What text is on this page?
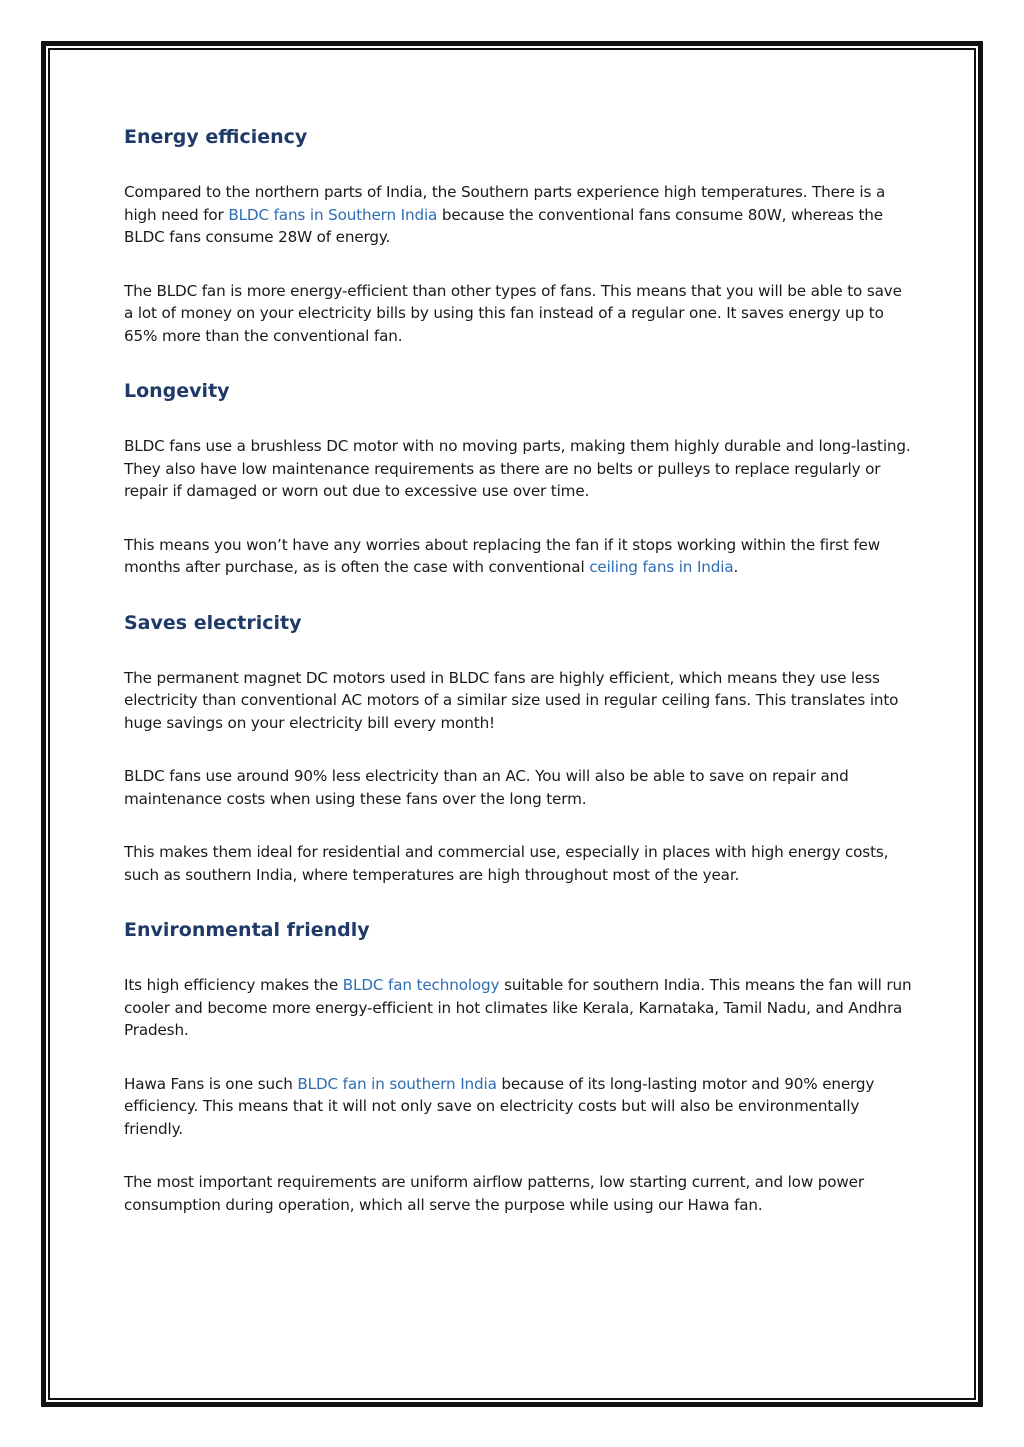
Energy efficiency

Compared to the northern parts of India, the Southern parts experience high temperatures. There is a high need for BLDC fans in Southern India because the conventional fans consume 80W, whereas the BLDC fans consume 28W of energy.

The BLDC fan is more energy-efficient than other types of fans. This means that you will be able to save a lot of money on your electricity bills by using this fan instead of a regular one. It saves energy up to 65% more than the conventional fan.

Longevity

BLDC fans use a brushless DC motor with no moving parts, making them highly durable and long-lasting. They also have low maintenance requirements as there are no belts or pulleys to replace regularly or repair if damaged or worn out due to excessive use over time.

This means you won’t have any worries about replacing the fan if it stops working within the first few months after purchase, as is often the case with conventional ceiling fans in India.

Saves electricity

The permanent magnet DC motors used in BLDC fans are highly efficient, which means they use less electricity than conventional AC motors of a similar size used in regular ceiling fans. This translates into huge savings on your electricity bill every month!

BLDC fans use around 90% less electricity than an AC. You will also be able to save on repair and maintenance costs when using these fans over the long term.

This makes them ideal for residential and commercial use, especially in places with high energy costs, such as southern India, where temperatures are high throughout most of the year.

Environmental friendly

Its high efficiency makes the BLDC fan technology suitable for southern India. This means the fan will run cooler and become more energy-efficient in hot climates like Kerala, Karnataka, Tamil Nadu, and Andhra Pradesh.

Hawa Fans is one such BLDC fan in southern India because of its long-lasting motor and 90% energy efficiency. This means that it will not only save on electricity costs but will also be environmentally friendly.

The most important requirements are uniform airflow patterns, low starting current, and low power consumption during operation, which all serve the purpose while using our Hawa fan.
